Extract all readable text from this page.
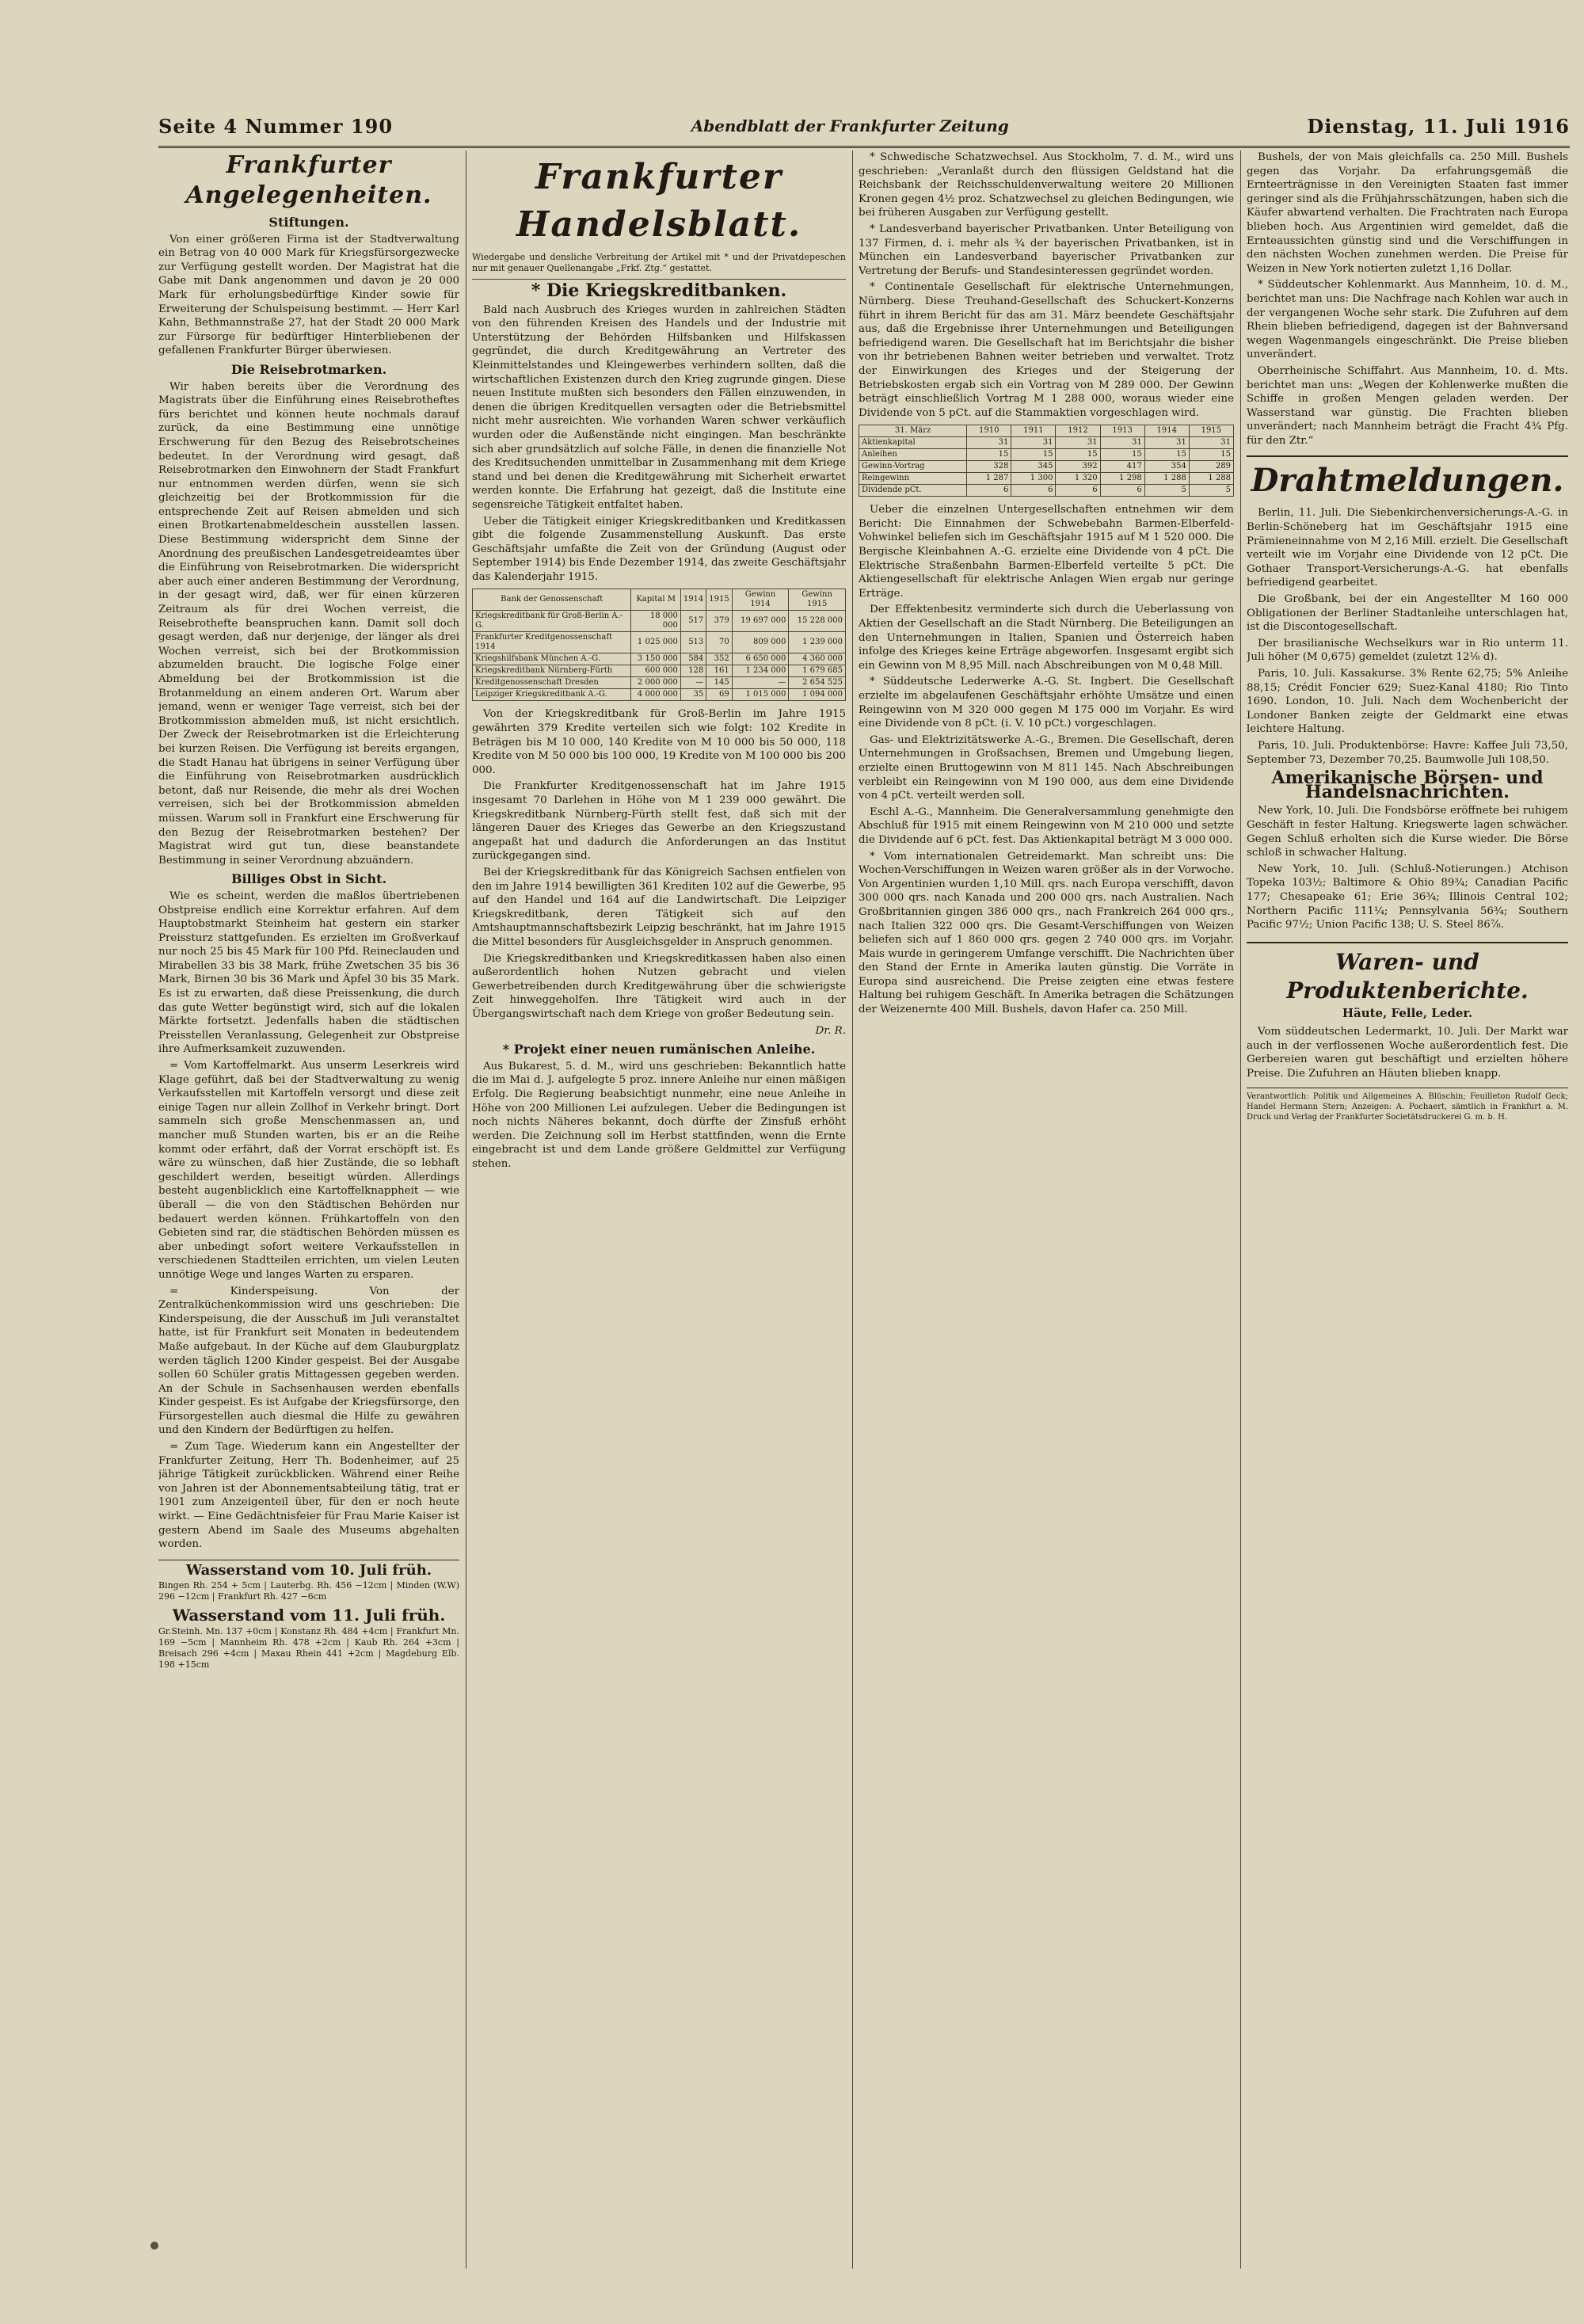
Seite 4 Nummer 190	Abendblatt der Frankfurter Zeitung	Dienstag, 11. Juli 1916
Frankfurter Angelegenheiten.
Stiftungen.

Von einer größeren Firma ist der Stadtverwaltung ein Betrag von 40 000 Mark für Kriegsfürsorgezwecke zur Verfügung gestellt worden. Der Magistrat hat die Gabe mit Dank angenommen und davon je 20 000 Mark für erholungsbedürftige Kinder sowie für Erweiterung der Schulspeisung bestimmt. — Herr Karl Kahn, Bethmannstraße 27, hat der Stadt 20 000 Mark zur Fürsorge für bedürftiger Hinterbliebenen der gefallenen Frankfurter Bürger überwiesen.

Die Reisebrotmarken.

Wir haben bereits über die Verordnung des Magistrats über die Einführung eines Reisebrotheftes fürs berichtet und können heute nochmals darauf zurück, da eine Bestimmung eine unnötige Erschwerung für den Bezug des Reisebrotscheines bedeutet. In der Verordnung wird gesagt, daß Reisebrotmarken den Einwohnern der Stadt Frankfurt nur entnommen werden dürfen, wenn sie sich gleichzeitig bei der Brotkommission für die entsprechende Zeit auf Reisen abmelden und sich einen Brotkartenabmeldeschein ausstellen lassen. Diese Bestimmung widerspricht dem Sinne der Anordnung des preußischen Landesgetreideamtes über die Einführung von Reisebrotmarken. Die widerspricht aber auch einer anderen Bestimmung der Verordnung, in der gesagt wird, daß, wer für einen kürzeren Zeitraum als für drei Wochen verreist, die Reisebrothefte beanspruchen kann. Damit soll doch gesagt werden, daß nur derjenige, der länger als drei Wochen verreist, sich bei der Brotkommission abzumelden braucht. Die logische Folge einer Abmeldung bei der Brotkommission ist die Brotanmeldung an einem anderen Ort. Warum aber jemand, wenn er weniger Tage verreist, sich bei der Brotkommission abmelden muß, ist nicht ersichtlich. Der Zweck der Reisebrotmarken ist die Erleichterung bei kurzen Reisen. Die Verfügung ist bereits ergangen, die Stadt Hanau hat übrigens in seiner Verfügung über die Einführung von Reisebrotmarken ausdrücklich betont, daß nur Reisende, die mehr als drei Wochen verreisen, sich bei der Brotkommission abmelden müssen. Warum soll in Frankfurt eine Erschwerung für den Bezug der Reisebrotmarken bestehen? Der Magistrat wird gut tun, diese beanstandete Bestimmung in seiner Verordnung abzuändern.

Billiges Obst in Sicht.

Wie es scheint, werden die maßlos übertriebenen Obstpreise endlich eine Korrektur erfahren. Auf dem Hauptobstmarkt Steinheim hat gestern ein starker Preissturz stattgefunden. Es erzielten im Großverkauf nur noch 25 bis 45 Mark für 100 Pfd. Reineclauden und Mirabellen 33 bis 38 Mark, frühe Zwetschen 35 bis 36 Mark, Birnen 30 bis 36 Mark und Äpfel 30 bis 35 Mark. Es ist zu erwarten, daß diese Preissenkung, die durch das gute Wetter begünstigt wird, sich auf die lokalen Märkte fortsetzt. Jedenfalls haben die städtischen Preisstellen Veranlassung, Gelegenheit zur Obstpreise ihre Aufmerksamkeit zuzuwenden.

= Vom Kartoffelmarkt. Aus unserm Leserkreis wird Klage geführt, daß bei der Stadtverwaltung zu wenig Verkaufsstellen mit Kartoffeln versorgt und diese zeit einige Tagen nur allein Zollhof in Verkehr bringt. Dort sammeln sich große Menschenmassen an, und mancher muß Stunden warten, bis er an die Reihe kommt oder erfährt, daß der Vorrat erschöpft ist. Es wäre zu wünschen, daß hier Zustände, die so lebhaft geschildert werden, beseitigt würden. Allerdings besteht augenblicklich eine Kartoffelknappheit — wie überall — die von den Städtischen Behörden nur bedauert werden können. Frühkartoffeln von den Gebieten sind rar, die städtischen Behörden müssen es aber unbedingt sofort weitere Verkaufsstellen in verschiedenen Stadtteilen errichten, um vielen Leuten unnötige Wege und langes Warten zu ersparen.

= Kinderspeisung. Von der Zentralküchenkommission wird uns geschrieben: Die Kinderspeisung, die der Ausschuß im Juli veranstaltet hatte, ist für Frankfurt seit Monaten in bedeutendem Maße aufgebaut. In der Küche auf dem Glauburgplatz werden täglich 1200 Kinder gespeist. Bei der Ausgabe sollen 60 Schüler gratis Mittagessen gegeben werden. An der Schule in Sachsenhausen werden ebenfalls Kinder gespeist. Es ist Aufgabe der Kriegsfürsorge, den Fürsorgestellen auch diesmal die Hilfe zu gewähren und den Kindern der Bedürftigen zu helfen.

= Zum Tage. Wiederum kann ein Angestellter der Frankfurter Zeitung, Herr Th. Bodenheimer, auf 25 jährige Tätigkeit zurückblicken. Während einer Reihe von Jahren ist der Abonnementsabteilung tätig, trat er 1901 zum Anzeigenteil über, für den er noch heute wirkt. — Eine Gedächtnisfeier für Frau Marie Kaiser ist gestern Abend im Saale des Museums abgehalten worden.

Wasserstand vom 10. Juli früh.
Bingen Rh. 254 + 5cm | Lauterbg. Rh. 456 −12cm | Minden (W.W) 296 −12cm | Frankfurt Rh. 427 −6cm
Wasserstand vom 11. Juli früh.
Gr.Steinh. Mn. 137 +0cm | Konstanz Rh. 484 +4cm | Frankfurt Mn. 169 −5cm | Mannheim Rh. 478 +2cm | Kaub Rh. 264 +3cm | Breisach 296 +4cm | Maxau Rhein 441 +2cm | Magdeburg Elb. 198 +15cm
Frankfurter Handelsblatt.
Wiedergabe und densliche Verbreitung der Artikel mit * und der Privatdepeschen nur mit genauer Quellenangabe „Frkf. Ztg.“ gestattet.
* Die Kriegskreditbanken.

Bald nach Ausbruch des Krieges wurden in zahlreichen Städten von den führenden Kreisen des Handels und der Industrie mit Unterstützung der Behörden Hilfsbanken und Hilfskassen gegründet, die durch Kreditgewährung an Vertreter des Kleinmittelstandes und Kleingewerbes verhindern sollten, daß die wirtschaftlichen Existenzen durch den Krieg zugrunde gingen. Diese neuen Institute mußten sich besonders den Fällen einzuwenden, in denen die übrigen Kreditquellen versagten oder die Betriebsmittel nicht mehr ausreichten. Wie vorhanden Waren schwer verkäuflich wurden oder die Außenstände nicht eingingen. Man beschränkte sich aber grundsätzlich auf solche Fälle, in denen die finanzielle Not des Kreditsuchenden unmittelbar in Zusammenhang mit dem Kriege stand und bei denen die Kreditgewährung mit Sicherheit erwartet werden konnte. Die Erfahrung hat gezeigt, daß die Institute eine segensreiche Tätigkeit entfaltet haben.

Ueber die Tätigkeit einiger Kriegskreditbanken und Kreditkassen gibt die folgende Zusammenstellung Auskunft. Das erste Geschäftsjahr umfaßte die Zeit von der Gründung (August oder September 1914) bis Ende Dezember 1914, das zweite Geschäftsjahr das Kalenderjahr 1915.

Bank der Genossenschaft	Kapital M	1914	1915	Gewinn 1914	Gewinn 1915
Kriegskreditbank für Groß-Berlin A.-G.	18 000 000	517	379	19 697 000	15 228 000
Frankfurter Kreditgenossenschaft 1914	1 025 000	513	70	809 000	1 239 000
Kriegshilfsbank München A.-G.	3 150 000	584	352	6 650 000	4 360 000
Kriegskreditbank Nürnberg-Fürth	600 000	128	161	1 234 000	1 679 685
Kreditgenossenschaft Dresden	2 000 000	—	145	—	2 654 525
Leipziger Kriegskreditbank A.-G.	4 000 000	35	69	1 015 000	1 094 000

Von der Kriegskreditbank für Groß-Berlin im Jahre 1915 gewährten 379 Kredite verteilen sich wie folgt: 102 Kredite in Beträgen bis M 10 000, 140 Kredite von M 10 000 bis 50 000, 118 Kredite von M 50 000 bis 100 000, 19 Kredite von M 100 000 bis 200 000.

Die Frankfurter Kreditgenossenschaft hat im Jahre 1915 insgesamt 70 Darlehen in Höhe von M 1 239 000 gewährt. Die Kriegskreditbank Nürnberg-Fürth stellt fest, daß sich mit der längeren Dauer des Krieges das Gewerbe an den Kriegszustand angepaßt hat und dadurch die Anforderungen an das Institut zurückgegangen sind.

Bei der Kriegskreditbank für das Königreich Sachsen entfielen von den im Jahre 1914 bewilligten 361 Krediten 102 auf die Gewerbe, 95 auf den Handel und 164 auf die Landwirtschaft. Die Leipziger Kriegskreditbank, deren Tätigkeit sich auf den Amtshauptmannschaftsbezirk Leipzig beschränkt, hat im Jahre 1915 die Mittel besonders für Ausgleichsgelder in Anspruch genommen.

Die Kriegskreditbanken und Kriegskreditkassen haben also einen außerordentlich hohen Nutzen gebracht und vielen Gewerbetreibenden durch Kreditgewährung über die schwierigste Zeit hinweggeholfen. Ihre Tätigkeit wird auch in der Übergangswirtschaft nach dem Kriege von großer Bedeutung sein.

Dr. R.
* Projekt einer neuen rumänischen Anleihe.

Aus Bukarest, 5. d. M., wird uns geschrieben: Bekanntlich hatte die im Mai d. J. aufgelegte 5 proz. innere Anleihe nur einen mäßigen Erfolg. Die Regierung beabsichtigt nunmehr, eine neue Anleihe in Höhe von 200 Millionen Lei aufzulegen. Ueber die Bedingungen ist noch nichts Näheres bekannt, doch dürfte der Zinsfuß erhöht werden. Die Zeichnung soll im Herbst stattfinden, wenn die Ernte eingebracht ist und dem Lande größere Geldmittel zur Verfügung stehen.

* Schwedische Schatzwechsel. Aus Stockholm, 7. d. M., wird uns geschrieben: „Veranlaßt durch den flüssigen Geldstand hat die Reichsbank der Reichsschuldenverwaltung weitere 20 Millionen Kronen gegen 4½ proz. Schatzwechsel zu gleichen Bedingungen, wie bei früheren Ausgaben zur Verfügung gestellt.

* Landesverband bayerischer Privatbanken. Unter Beteiligung von 137 Firmen, d. i. mehr als ¾ der bayerischen Privatbanken, ist in München ein Landesverband bayerischer Privatbanken zur Vertretung der Berufs- und Standesinteressen gegründet worden.

* Continentale Gesellschaft für elektrische Unternehmungen, Nürnberg. Diese Treuhand-Gesellschaft des Schuckert-Konzerns führt in ihrem Bericht für das am 31. März beendete Geschäftsjahr aus, daß die Ergebnisse ihrer Unternehmungen und Beteiligungen befriedigend waren. Die Gesellschaft hat im Berichtsjahr die bisher von ihr betriebenen Bahnen weiter betrieben und verwaltet. Trotz der Einwirkungen des Krieges und der Steigerung der Betriebskosten ergab sich ein Vortrag von M 289 000. Der Gewinn beträgt einschließlich Vortrag M 1 288 000, woraus wieder eine Dividende von 5 pCt. auf die Stammaktien vorgeschlagen wird.

31. März	1910	1911	1912	1913	1914	1915
Aktienkapital	31	31	31	31	31	31
Anleihen	15	15	15	15	15	15
Gewinn-Vortrag	328	345	392	417	354	289
Reingewinn	1 287	1 300	1 320	1 298	1 288	1 288
Dividende pCt.	6	6	6	6	5	5

Ueber die einzelnen Untergesellschaften entnehmen wir dem Bericht: Die Einnahmen der Schwebebahn Barmen-Elberfeld-Vohwinkel beliefen sich im Geschäftsjahr 1915 auf M 1 520 000. Die Bergische Kleinbahnen A.-G. erzielte eine Dividende von 4 pCt. Die Elektrische Straßenbahn Barmen-Elberfeld verteilte 5 pCt. Die Aktiengesellschaft für elektrische Anlagen Wien ergab nur geringe Erträge.

Der Effektenbesitz verminderte sich durch die Ueberlassung von Aktien der Gesellschaft an die Stadt Nürnberg. Die Beteiligungen an den Unternehmungen in Italien, Spanien und Österreich haben infolge des Krieges keine Erträge abgeworfen. Insgesamt ergibt sich ein Gewinn von M 8,95 Mill. nach Abschreibungen von M 0,48 Mill.

* Süddeutsche Lederwerke A.-G. St. Ingbert. Die Gesellschaft erzielte im abgelaufenen Geschäftsjahr erhöhte Umsätze und einen Reingewinn von M 320 000 gegen M 175 000 im Vorjahr. Es wird eine Dividende von 8 pCt. (i. V. 10 pCt.) vorgeschlagen.

Gas- und Elektrizitätswerke A.-G., Bremen. Die Gesellschaft, deren Unternehmungen in Großsachsen, Bremen und Umgebung liegen, erzielte einen Bruttogewinn von M 811 145. Nach Abschreibungen verbleibt ein Reingewinn von M 190 000, aus dem eine Dividende von 4 pCt. verteilt werden soll.

Eschl A.-G., Mannheim. Die Generalversammlung genehmigte den Abschluß für 1915 mit einem Reingewinn von M 210 000 und setzte die Dividende auf 6 pCt. fest. Das Aktienkapital beträgt M 3 000 000.

* Vom internationalen Getreidemarkt. Man schreibt uns: Die Wochen-Verschiffungen in Weizen waren größer als in der Vorwoche. Von Argentinien wurden 1,10 Mill. qrs. nach Europa verschifft, davon 300 000 qrs. nach Kanada und 200 000 qrs. nach Australien. Nach Großbritannien gingen 386 000 qrs., nach Frankreich 264 000 qrs., nach Italien 322 000 qrs. Die Gesamt-Verschiffungen von Weizen beliefen sich auf 1 860 000 qrs. gegen 2 740 000 qrs. im Vorjahr. Mais wurde in geringerem Umfange verschifft. Die Nachrichten über den Stand der Ernte in Amerika lauten günstig. Die Vorräte in Europa sind ausreichend. Die Preise zeigten eine etwas festere Haltung bei ruhigem Geschäft. In Amerika betragen die Schätzungen der Weizenernte 400 Mill. Bushels, davon Hafer ca. 250 Mill.

Bushels, der von Mais gleichfalls ca. 250 Mill. Bushels gegen das Vorjahr. Da erfahrungsgemäß die Ernteerträgnisse in den Vereinigten Staaten fast immer geringer sind als die Frühjahrsschätzungen, haben sich die Käufer abwartend verhalten. Die Frachtraten nach Europa blieben hoch. Aus Argentinien wird gemeldet, daß die Ernteaussichten günstig sind und die Verschiffungen in den nächsten Wochen zunehmen werden. Die Preise für Weizen in New York notierten zuletzt 1,16 Dollar.

* Süddeutscher Kohlenmarkt. Aus Mannheim, 10. d. M., berichtet man uns: Die Nachfrage nach Kohlen war auch in der vergangenen Woche sehr stark. Die Zufuhren auf dem Rhein blieben befriedigend, dagegen ist der Bahnversand wegen Wagenmangels eingeschränkt. Die Preise blieben unverändert.

Oberrheinische Schiffahrt. Aus Mannheim, 10. d. Mts. berichtet man uns: „Wegen der Kohlenwerke mußten die Schiffe in großen Mengen geladen werden. Der Wasserstand war günstig. Die Frachten blieben unverändert; nach Mannheim beträgt die Fracht 4¾ Pfg. für den Ztr.“

Drahtmeldungen.

Berlin, 11. Juli. Die Siebenkirchenversicherungs-A.-G. in Berlin-Schöneberg hat im Geschäftsjahr 1915 eine Prämieneinnahme von M 2,16 Mill. erzielt. Die Gesellschaft verteilt wie im Vorjahr eine Dividende von 12 pCt. Die Gothaer Transport-Versicherungs-A.-G. hat ebenfalls befriedigend gearbeitet.

Die Großbank, bei der ein Angestellter M 160 000 Obligationen der Berliner Stadtanleihe unterschlagen hat, ist die Discontogesellschaft.

Der brasilianische Wechselkurs war in Rio unterm 11. Juli höher (M 0,675) gemeldet (zuletzt 12⅛ d).

Paris, 10. Juli. Kassakurse. 3% Rente 62,75; 5% Anleihe 88,15; Crédit Foncier 629; Suez-Kanal 4180; Rio Tinto 1690. London, 10. Juli. Nach dem Wochenbericht der Londoner Banken zeigte der Geldmarkt eine etwas leichtere Haltung.

Paris, 10. Juli. Produktenbörse: Havre: Kaffee Juli 73,50, September 73, Dezember 70,25. Baumwolle Juli 108,50.

Amerikanische Börsen- und Handelsnachrichten.

New York, 10. Juli. Die Fondsbörse eröffnete bei ruhigem Geschäft in fester Haltung. Kriegswerte lagen schwächer. Gegen Schluß erholten sich die Kurse wieder. Die Börse schloß in schwacher Haltung.

New York, 10. Juli. (Schluß-Notierungen.) Atchison Topeka 103½; Baltimore & Ohio 89¾; Canadian Pacific 177; Chesapeake 61; Erie 36¾; Illinois Central 102; Northern Pacific 111¼; Pennsylvania 56¾; Southern Pacific 97½; Union Pacific 138; U. S. Steel 86⅞.

Waren- und Produktenberichte.
Häute, Felle, Leder.

Vom süddeutschen Ledermarkt, 10. Juli. Der Markt war auch in der verflossenen Woche außerordentlich fest. Die Gerbereien waren gut beschäftigt und erzielten höhere Preise. Die Zufuhren an Häuten blieben knapp.

Verantwortlich: Politik und Allgemeines A. Blüschin; Feuilleton Rudolf Geck; Handel Hermann Stern; Anzeigen: A. Pochaert, sämtlich in Frankfurt a. M. Druck und Verlag der Frankfurter Societätsdruckerei G. m. b. H.
